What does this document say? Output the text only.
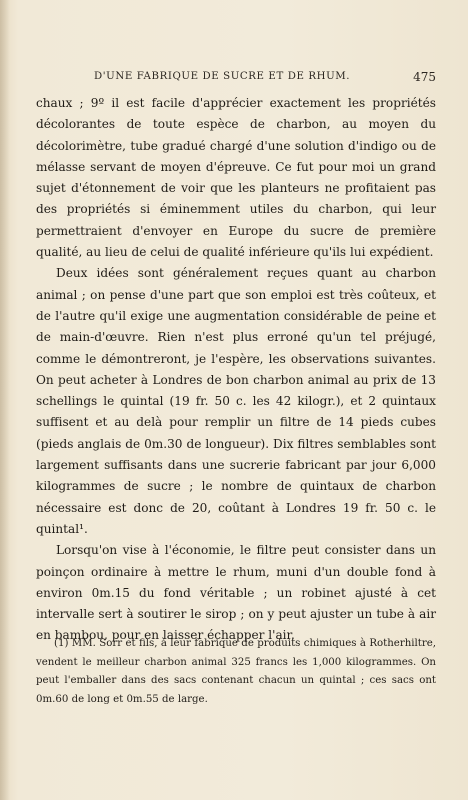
D'UNE FABRIQUE DE SUCRE ET DE RHUM.	475

chaux ; 9º il est facile d'apprécier exactement les propriétés décolorantes de toute espèce de charbon, au moyen du décolorimètre, tube gradué chargé d'une solution d'indigo ou de mélasse servant de moyen d'épreuve. Ce fut pour moi un grand sujet d'étonnement de voir que les planteurs ne profitaient pas des propriétés si éminemment utiles du charbon, qui leur permettraient d'envoyer en Europe du sucre de première qualité, au lieu de celui de qualité inférieure qu'ils lui expédient.

Deux idées sont généralement reçues quant au charbon animal ; on pense d'une part que son emploi est très coûteux, et de l'autre qu'il exige une augmentation considérable de peine et de main-d'œuvre. Rien n'est plus erroné qu'un tel préjugé, comme le démontreront, je l'espère, les observations suivantes. On peut acheter à Londres de bon charbon animal au prix de 13 schellings le quintal (19 fr. 50 c. les 42 kilogr.), et 2 quintaux suffisent et au delà pour remplir un filtre de 14 pieds cubes (pieds anglais de 0m.30 de longueur). Dix filtres semblables sont largement suffisants dans une sucrerie fabricant par jour 6,000 kilogrammes de sucre ; le nombre de quintaux de charbon nécessaire est donc de 20, coûtant à Londres 19 fr. 50 c. le quintal¹.

Lorsqu'on vise à l'économie, le filtre peut consister dans un poinçon ordinaire à mettre le rhum, muni d'un double fond à environ 0m.15 du fond véritable ; un robinet ajusté à cet intervalle sert à soutirer le sirop ; on y peut ajuster un tube à air en bambou, pour en laisser échapper l'air.

(1) MM. Sorr et fils, à leur fabrique de produits chimiques à Rotherhiltre, vendent le meilleur charbon animal 325 francs les 1,000 kilogrammes. On peut l'emballer dans des sacs contenant chacun un quintal ; ces sacs ont 0m.60 de long et 0m.55 de large.
